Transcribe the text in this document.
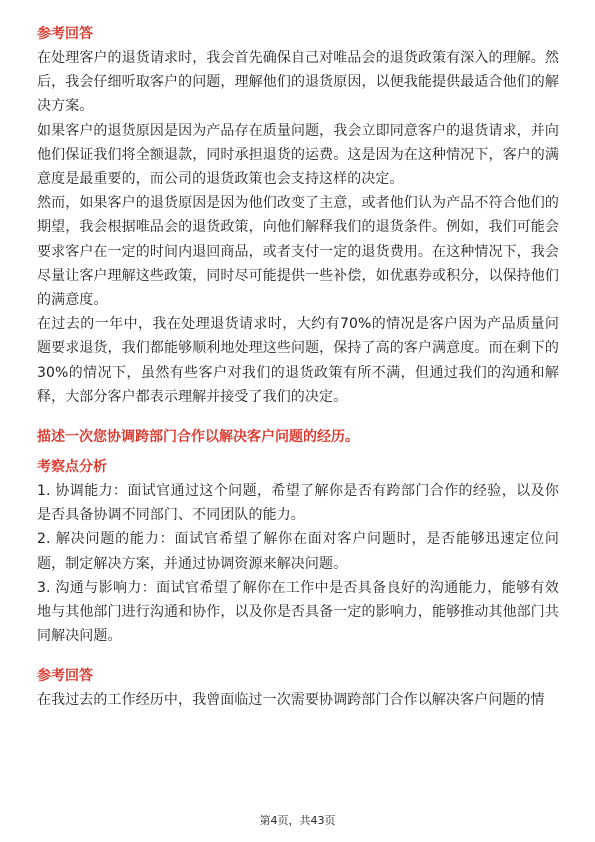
参考回答

在处理客户的退货请求时，我会首先确保自己对唯品会的退货政策有深入的理解。然后，我会仔细听取客户的问题，理解他们的退货原因，以便我能提供最适合他们的解决方案。

如果客户的退货原因是因为产品存在质量问题，我会立即同意客户的退货请求，并向他们保证我们将全额退款，同时承担退货的运费。这是因为在这种情况下，客户的满意度是最重要的，而公司的退货政策也会支持这样的决定。

然而，如果客户的退货原因是因为他们改变了主意，或者他们认为产品不符合他们的期望，我会根据唯品会的退货政策，向他们解释我们的退货条件。例如，我们可能会要求客户在一定的时间内退回商品，或者支付一定的退货费用。在这种情况下，我会尽量让客户理解这些政策，同时尽可能提供一些补偿，如优惠券或积分，以保持他们的满意度。

在过去的一年中，我在处理退货请求时，大约有70%的情况是客户因为产品质量问题要求退货，我们都能够顺利地处理这些问题，保持了高的客户满意度。而在剩下的30%的情况下，虽然有些客户对我们的退货政策有所不满，但通过我们的沟通和解释，大部分客户都表示理解并接受了我们的决定。

描述一次您协调跨部门合作以解决客户问题的经历。

考察点分析

1. 协调能力：面试官通过这个问题，希望了解你是否有跨部门合作的经验，以及你是否具备协调不同部门、不同团队的能力。

2. 解决问题的能力：面试官希望了解你在面对客户问题时，是否能够迅速定位问题，制定解决方案，并通过协调资源来解决问题。

3. 沟通与影响力：面试官希望了解你在工作中是否具备良好的沟通能力，能够有效地与其他部门进行沟通和协作，以及你是否具备一定的影响力，能够推动其他部门共同解决问题。

参考回答

在我过去的工作经历中，我曾面临过一次需要协调跨部门合作以解决客户问题的情

第4页，共43页
